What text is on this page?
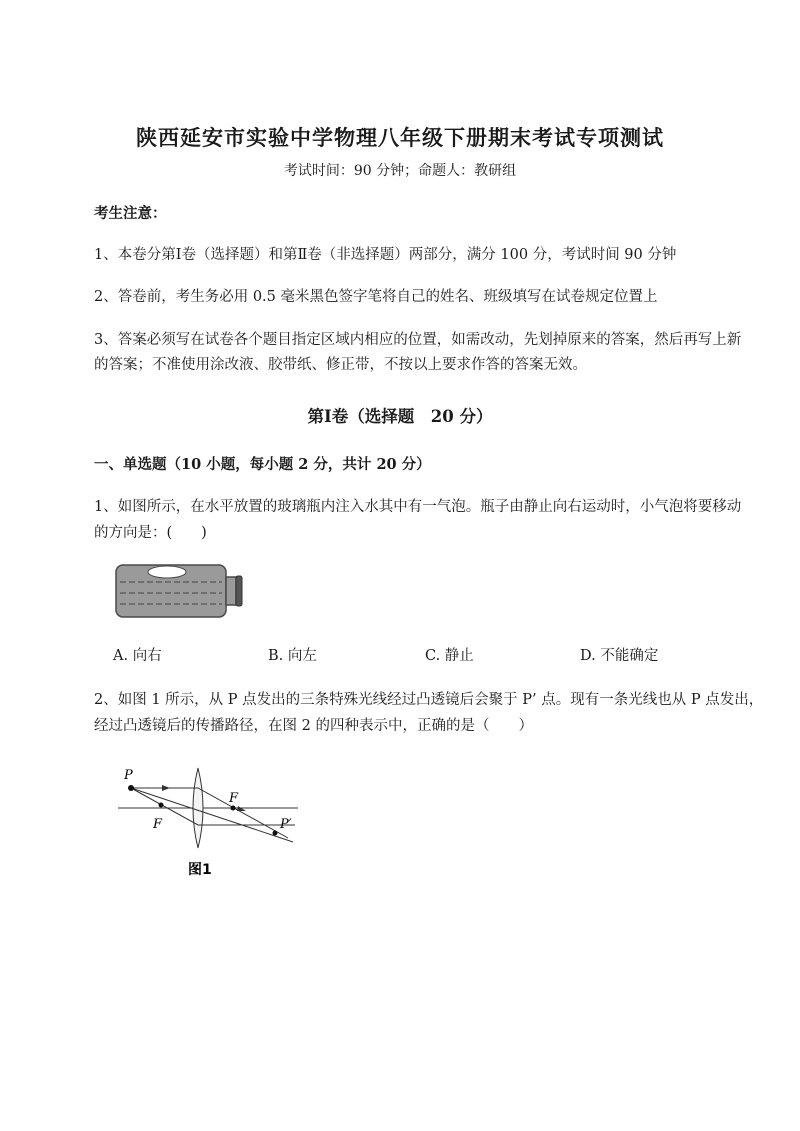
陕西延安市实验中学物理八年级下册期末考试专项测试
考试时间：90 分钟；命题人：教研组
考生注意：
1、本卷分第Ⅰ卷（选择题）和第Ⅱ卷（非选择题）两部分，满分 100 分，考试时间 90 分钟
2、答卷前，考生务必用 0.5 毫米黑色签字笔将自己的姓名、班级填写在试卷规定位置上
3、答案必须写在试卷各个题目指定区域内相应的位置，如需改动，先划掉原来的答案，然后再写上新
的答案；不准使用涂改液、胶带纸、修正带，不按以上要求作答的答案无效。
第Ⅰ卷（选择题　20 分）
一、单选题（10 小题，每小题 2 分，共计 20 分）
1、如图所示，在水平放置的玻璃瓶内注入水其中有一气泡。瓶子由静止向右运动时，小气泡将要移动
的方向是：(　　)
A. 向右	B. 向左	C. 静止	D. 不能确定
2、如图 1 所示，从 P 点发出的三条特殊光线经过凸透镜后会聚于 P’ 点。现有一条光线也从 P 点发出，
经过凸透镜后的传播路径，在图 2 的四种表示中，正确的是（　　）
P
F
F
P′
图1
